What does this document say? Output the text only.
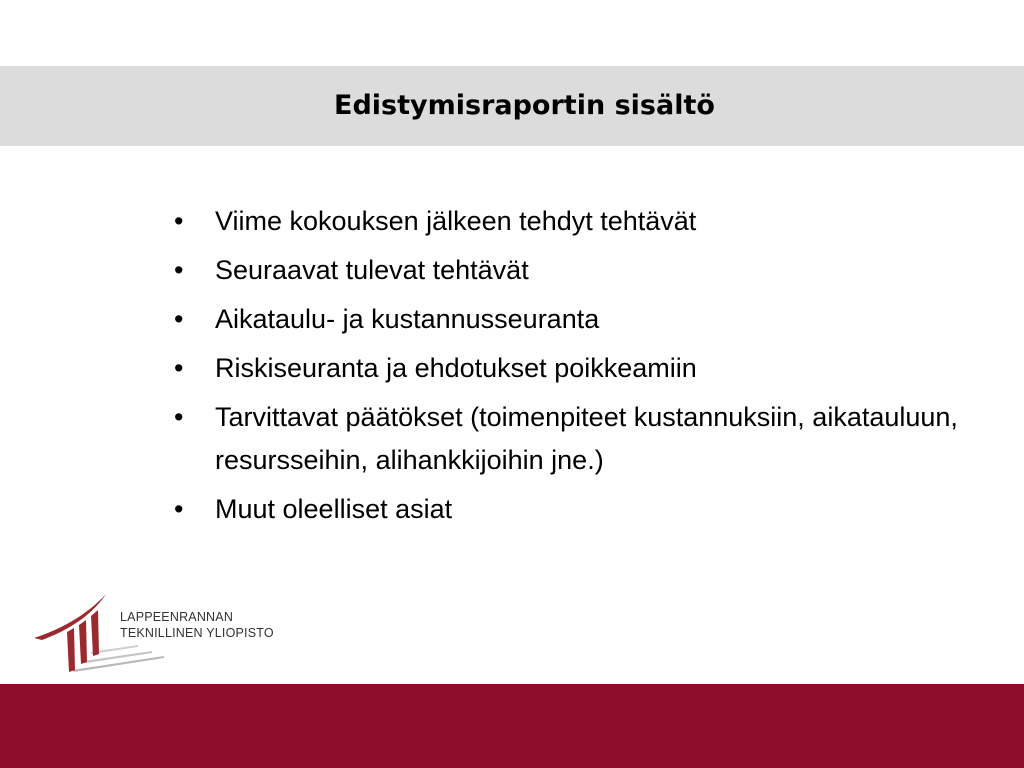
Edistymisraportin sisältö
• Viime kokouksen jälkeen tehdyt tehtävät
• Seuraavat tulevat tehtävät
• Aikataulu- ja kustannusseuranta
• Riskiseuranta ja ehdotukset poikkeamiin
• Tarvittavat päätökset (toimenpiteet kustannuksiin, aikatauluun, resursseihin, alihankkijoihin jne.)
• Muut oleelliset asiat
LAPPEENRANNAN
TEKNILLINEN YLIOPISTO
